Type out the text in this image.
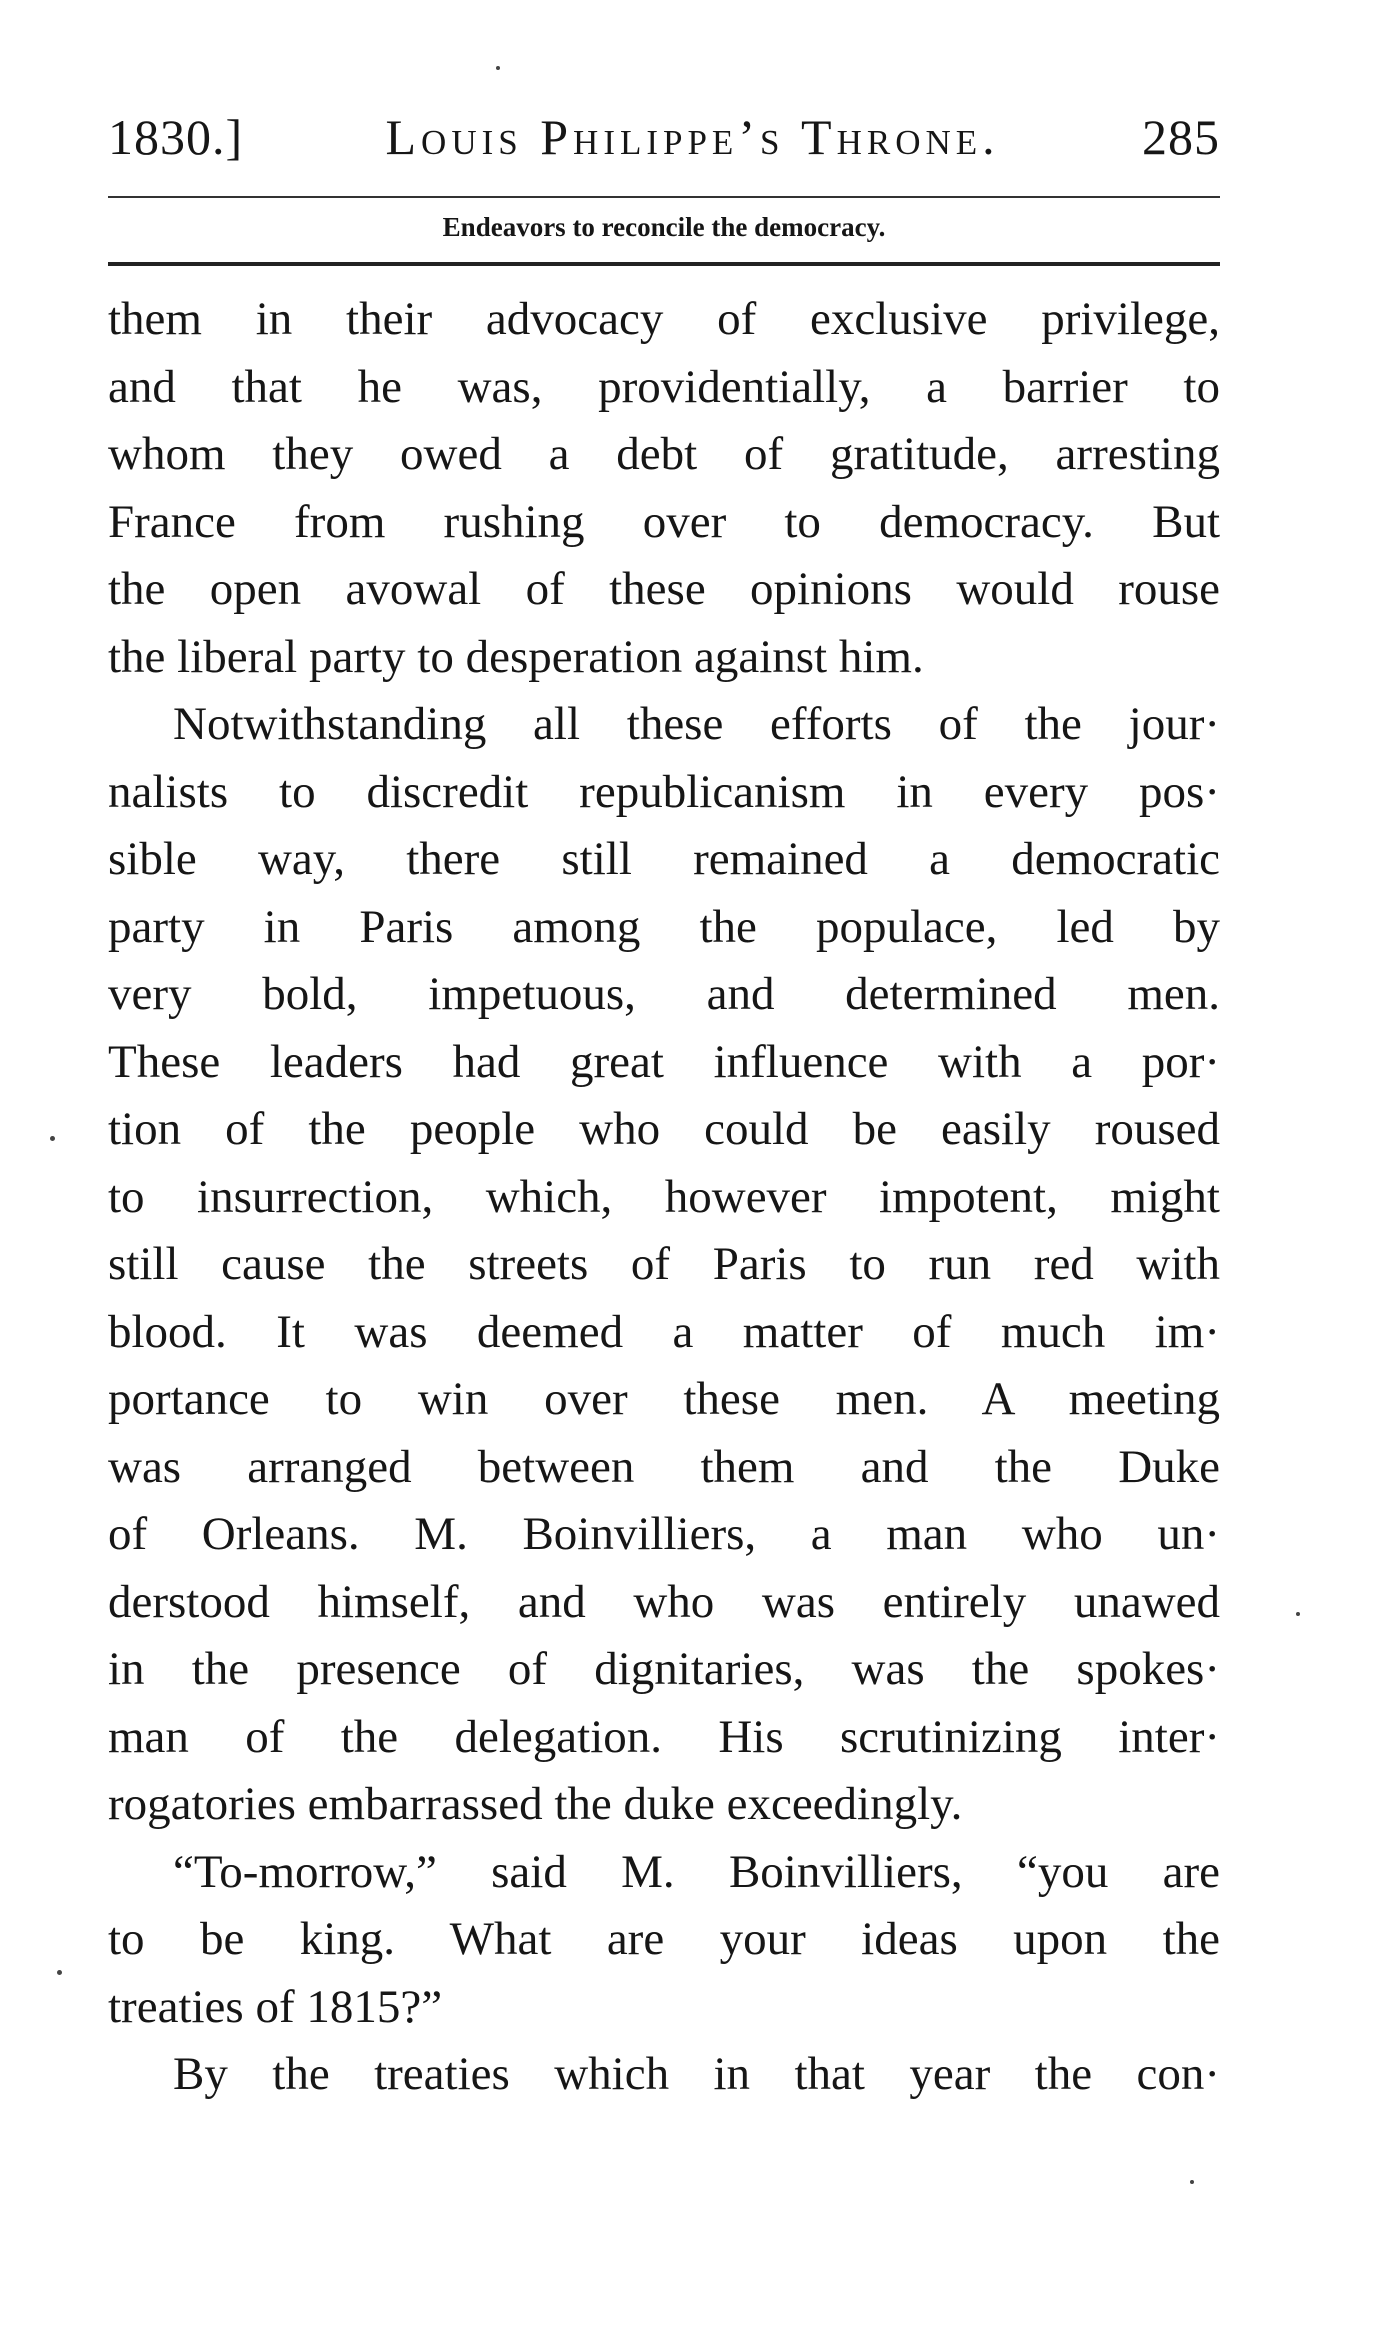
1830.]	Louis Philippe’s Throne.	285
Endeavors to reconcile the democracy.
them in their advocacy of exclusive privilege,
and that he was, providentially, a barrier to
whom they owed a debt of gratitude, arresting
France from rushing over to democracy. But
the open avowal of these opinions would rouse
the liberal party to desperation against him.
Notwithstanding all these efforts of the jour·
nalists to discredit republicanism in every pos·
sible way, there still remained a democratic
party in Paris among the populace, led by
very bold, impetuous, and determined men.
These leaders had great influence with a por·
tion of the people who could be easily roused
to insurrection, which, however impotent, might
still cause the streets of Paris to run red with
blood. It was deemed a matter of much im·
portance to win over these men. A meeting
was arranged between them and the Duke
of Orleans. M. Boinvilliers, a man who un·
derstood himself, and who was entirely unawed
in the presence of dignitaries, was the spokes·
man of the delegation. His scrutinizing inter·
rogatories embarrassed the duke exceedingly.
“To-morrow,” said M. Boinvilliers, “you are
to be king. What are your ideas upon the
treaties of 1815?”
By the treaties which in that year the con·
